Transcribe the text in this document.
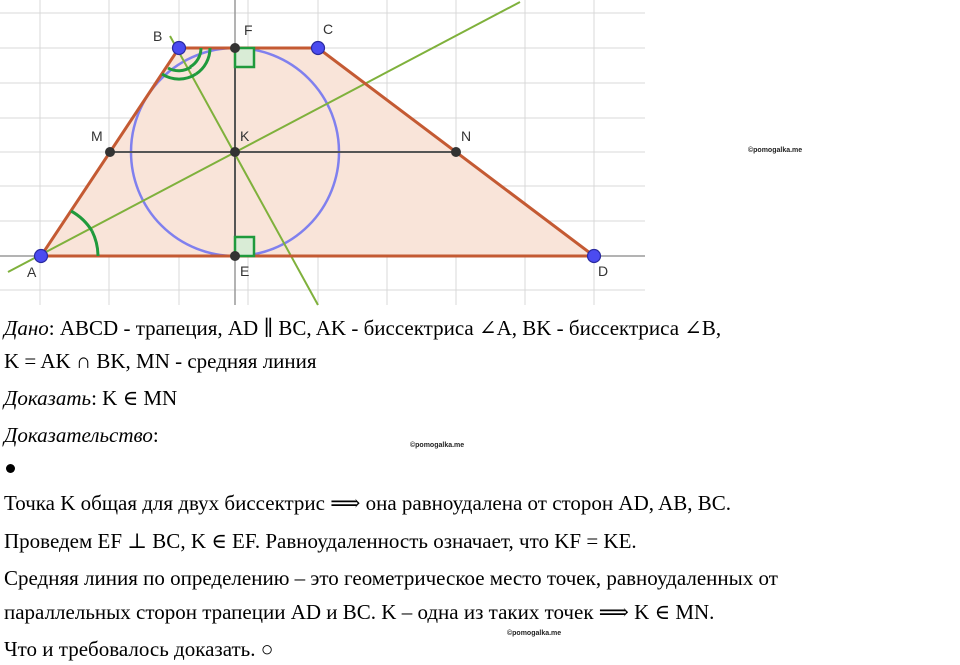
A
B	C
D
F
K
E
M	N
©pomogalka.me
©pomogalka.me
©pomogalka.me
Дано: ABCD - трапеция, AD ∥ BC, AK - биссектриса ∠A, BK - биссектриса ∠B,
K = AK ∩ BK, MN - средняя линия
Доказать: K ∈ MN
Доказательство:
Точка K общая для двух биссектрис ⟹ она равноудалена от сторон AD, AB, BC.
Проведем EF ⊥ BC, K ∈ EF. Равноудаленность означает, что KF = KE.
Средняя линия по определению – это геометрическое место точек, равноудаленных от
параллельных сторон трапеции AD и BC. K – одна из таких точек ⟹ K ∈ MN.
Что и требовалось доказать. ○
